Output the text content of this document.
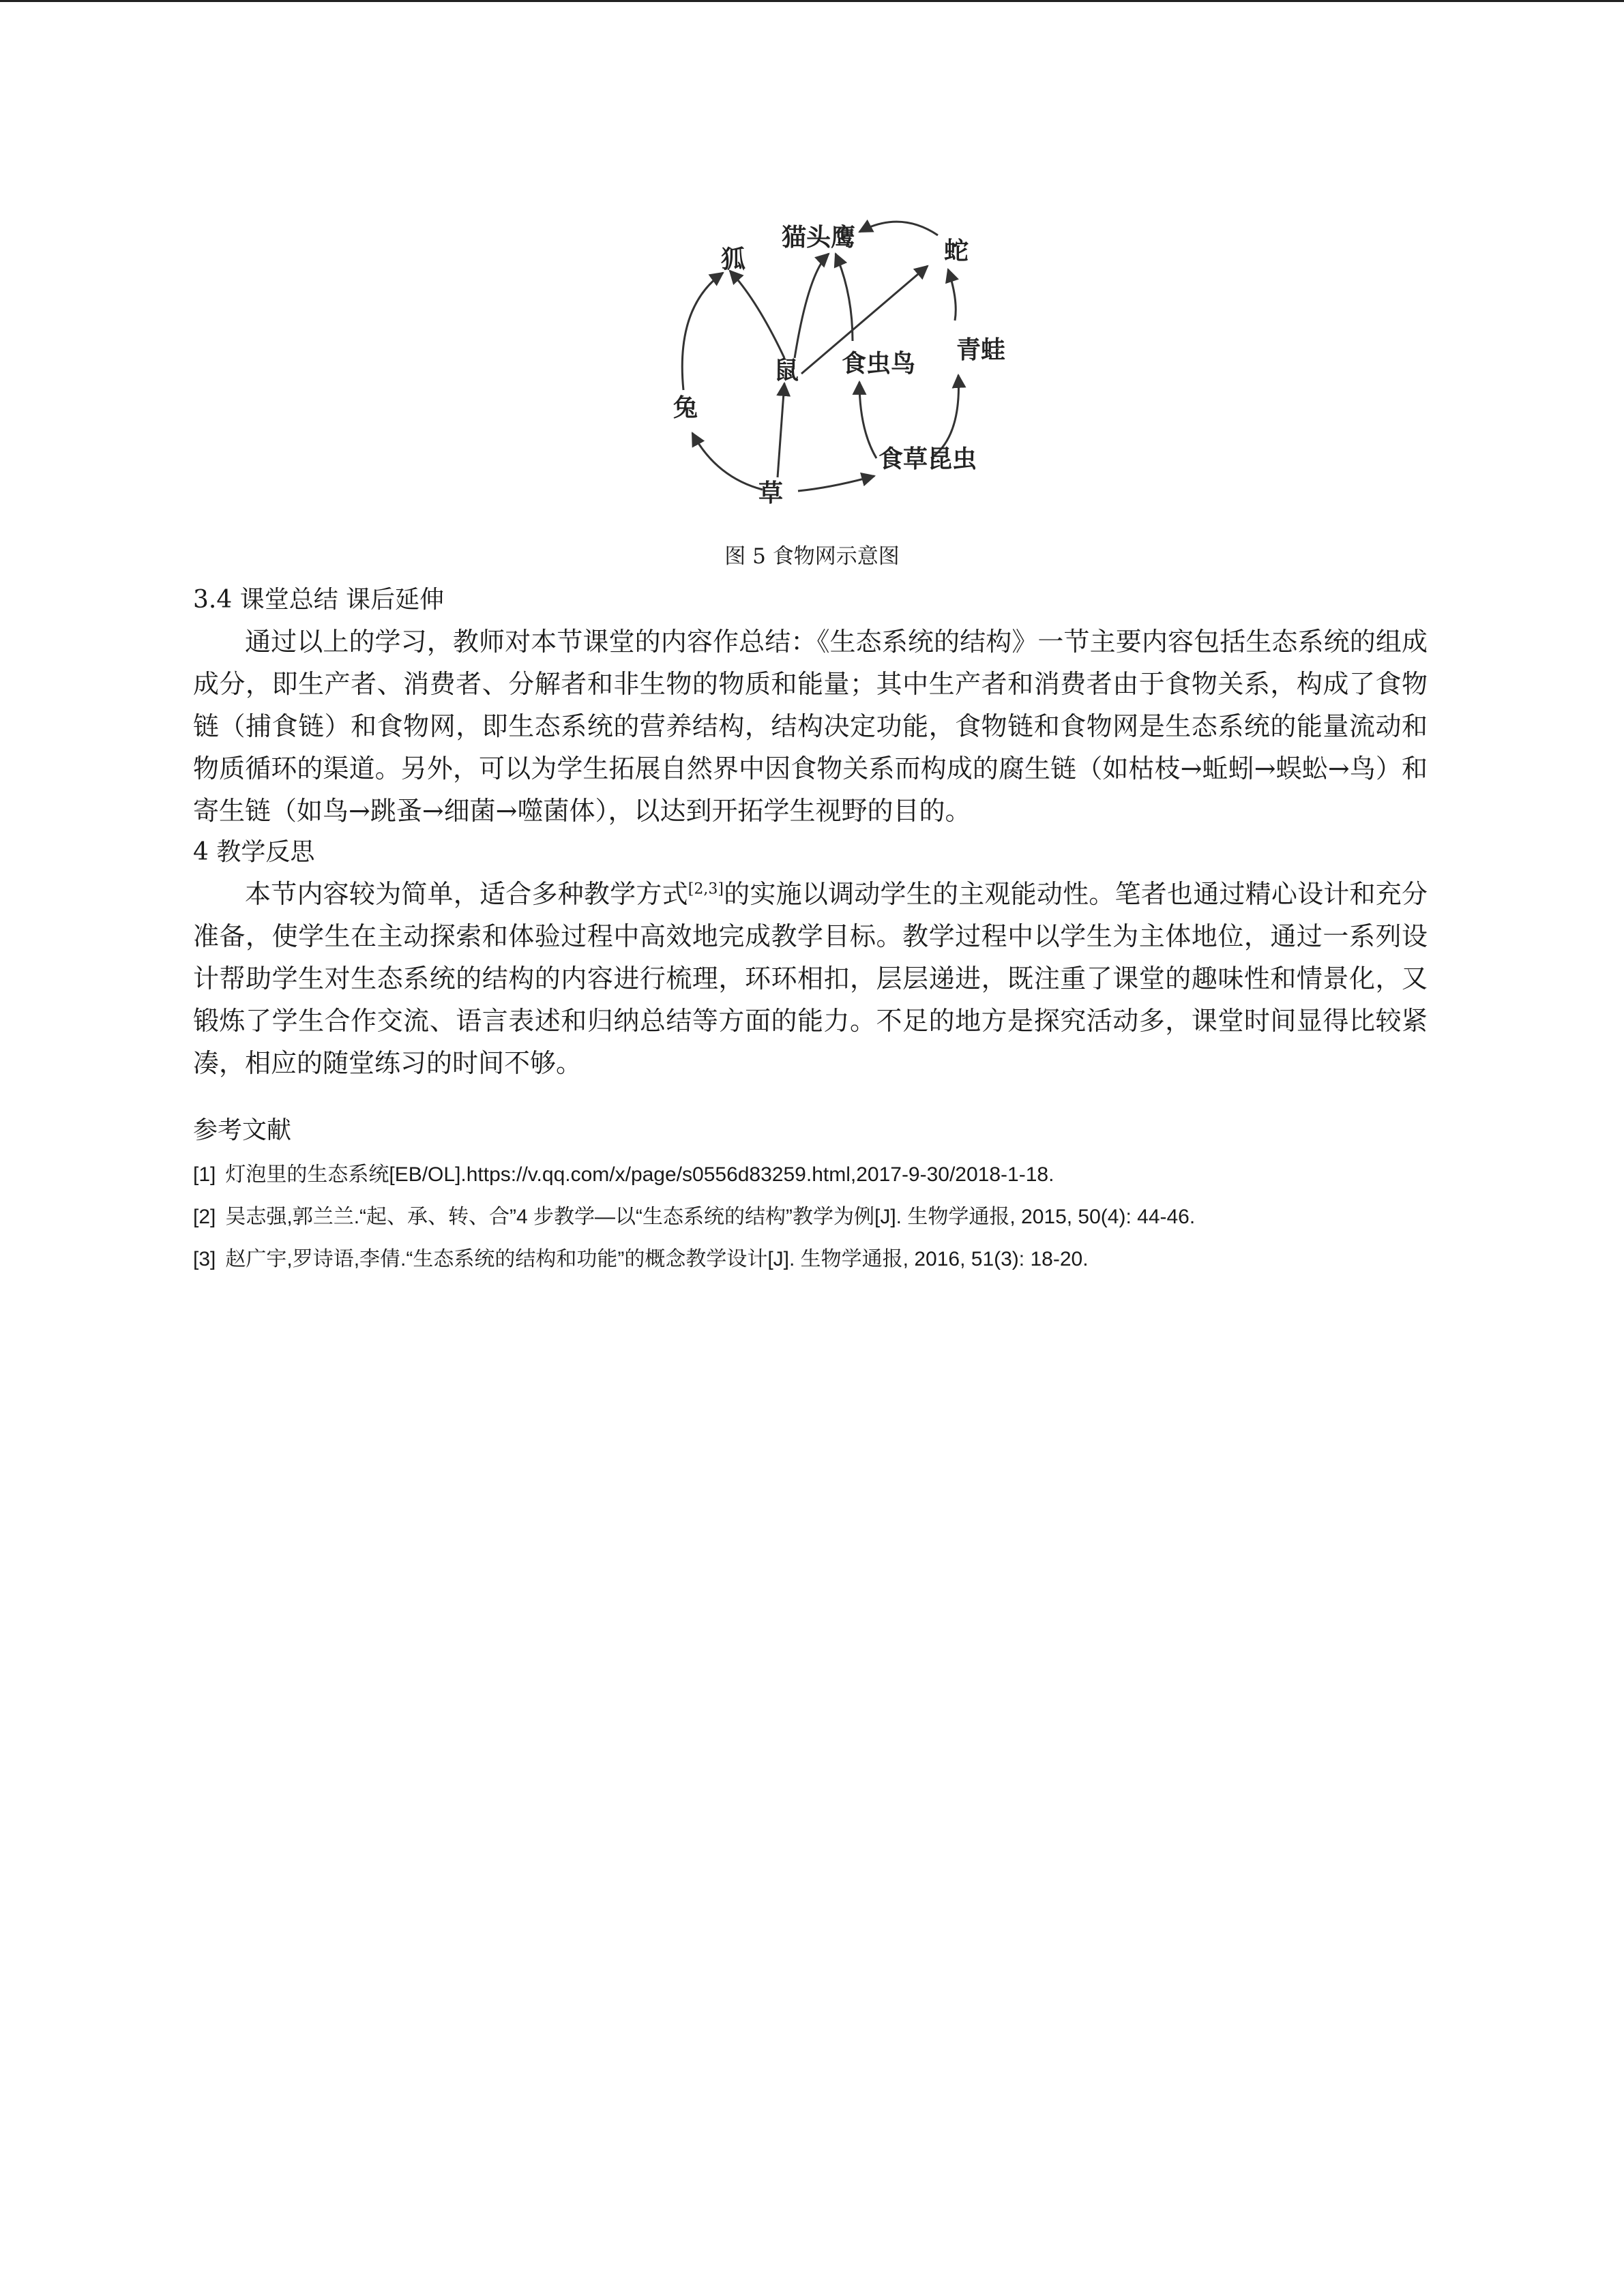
猫头鹰
狐	蛇
鼠 食虫鸟 青蛙
兔
草
食草昆虫
图 5 食物网示意图

3.4 课堂总结 课后延伸

通过以上的学习，教师对本节课堂的内容作总结：《生态系统的结构》一节主要内容包括生态系统的组成成分，即生产者、消费者、分解者和非生物的物质和能量；其中生产者和消费者由于食物关系，构成了食物链（捕食链）和食物网，即生态系统的营养结构，结构决定功能，食物链和食物网是生态系统的能量流动和物质循环的渠道。另外，可以为学生拓展自然界中因食物关系而构成的腐生链（如枯枝→蚯蚓→蜈蚣→鸟）和寄生链（如鸟→跳蚤→细菌→噬菌体），以达到开拓学生视野的目的。

4 教学反思

本节内容较为简单，适合多种教学方式[2,3]的实施以调动学生的主观能动性。笔者也通过精心设计和充分准备，使学生在主动探索和体验过程中高效地完成教学目标。教学过程中以学生为主体地位，通过一系列设计帮助学生对生态系统的结构的内容进行梳理，环环相扣，层层递进，既注重了课堂的趣味性和情景化，又锻炼了学生合作交流、语言表述和归纳总结等方面的能力。不足的地方是探究活动多，课堂时间显得比较紧凑，相应的随堂练习的时间不够。

参考文献

[1] 灯泡里的生态系统[EB/OL].https://v.qq.com/x/page/s0556d83259.html,2017-9-30/2018-1-18.

[2] 吴志强,郭兰兰.“起、承、转、合”4 步教学—以“生态系统的结构”教学为例[J]. 生物学通报, 2015, 50(4): 44-46.

[3] 赵广宇,罗诗语,李倩.“生态系统的结构和功能”的概念教学设计[J]. 生物学通报, 2016, 51(3): 18-20.
